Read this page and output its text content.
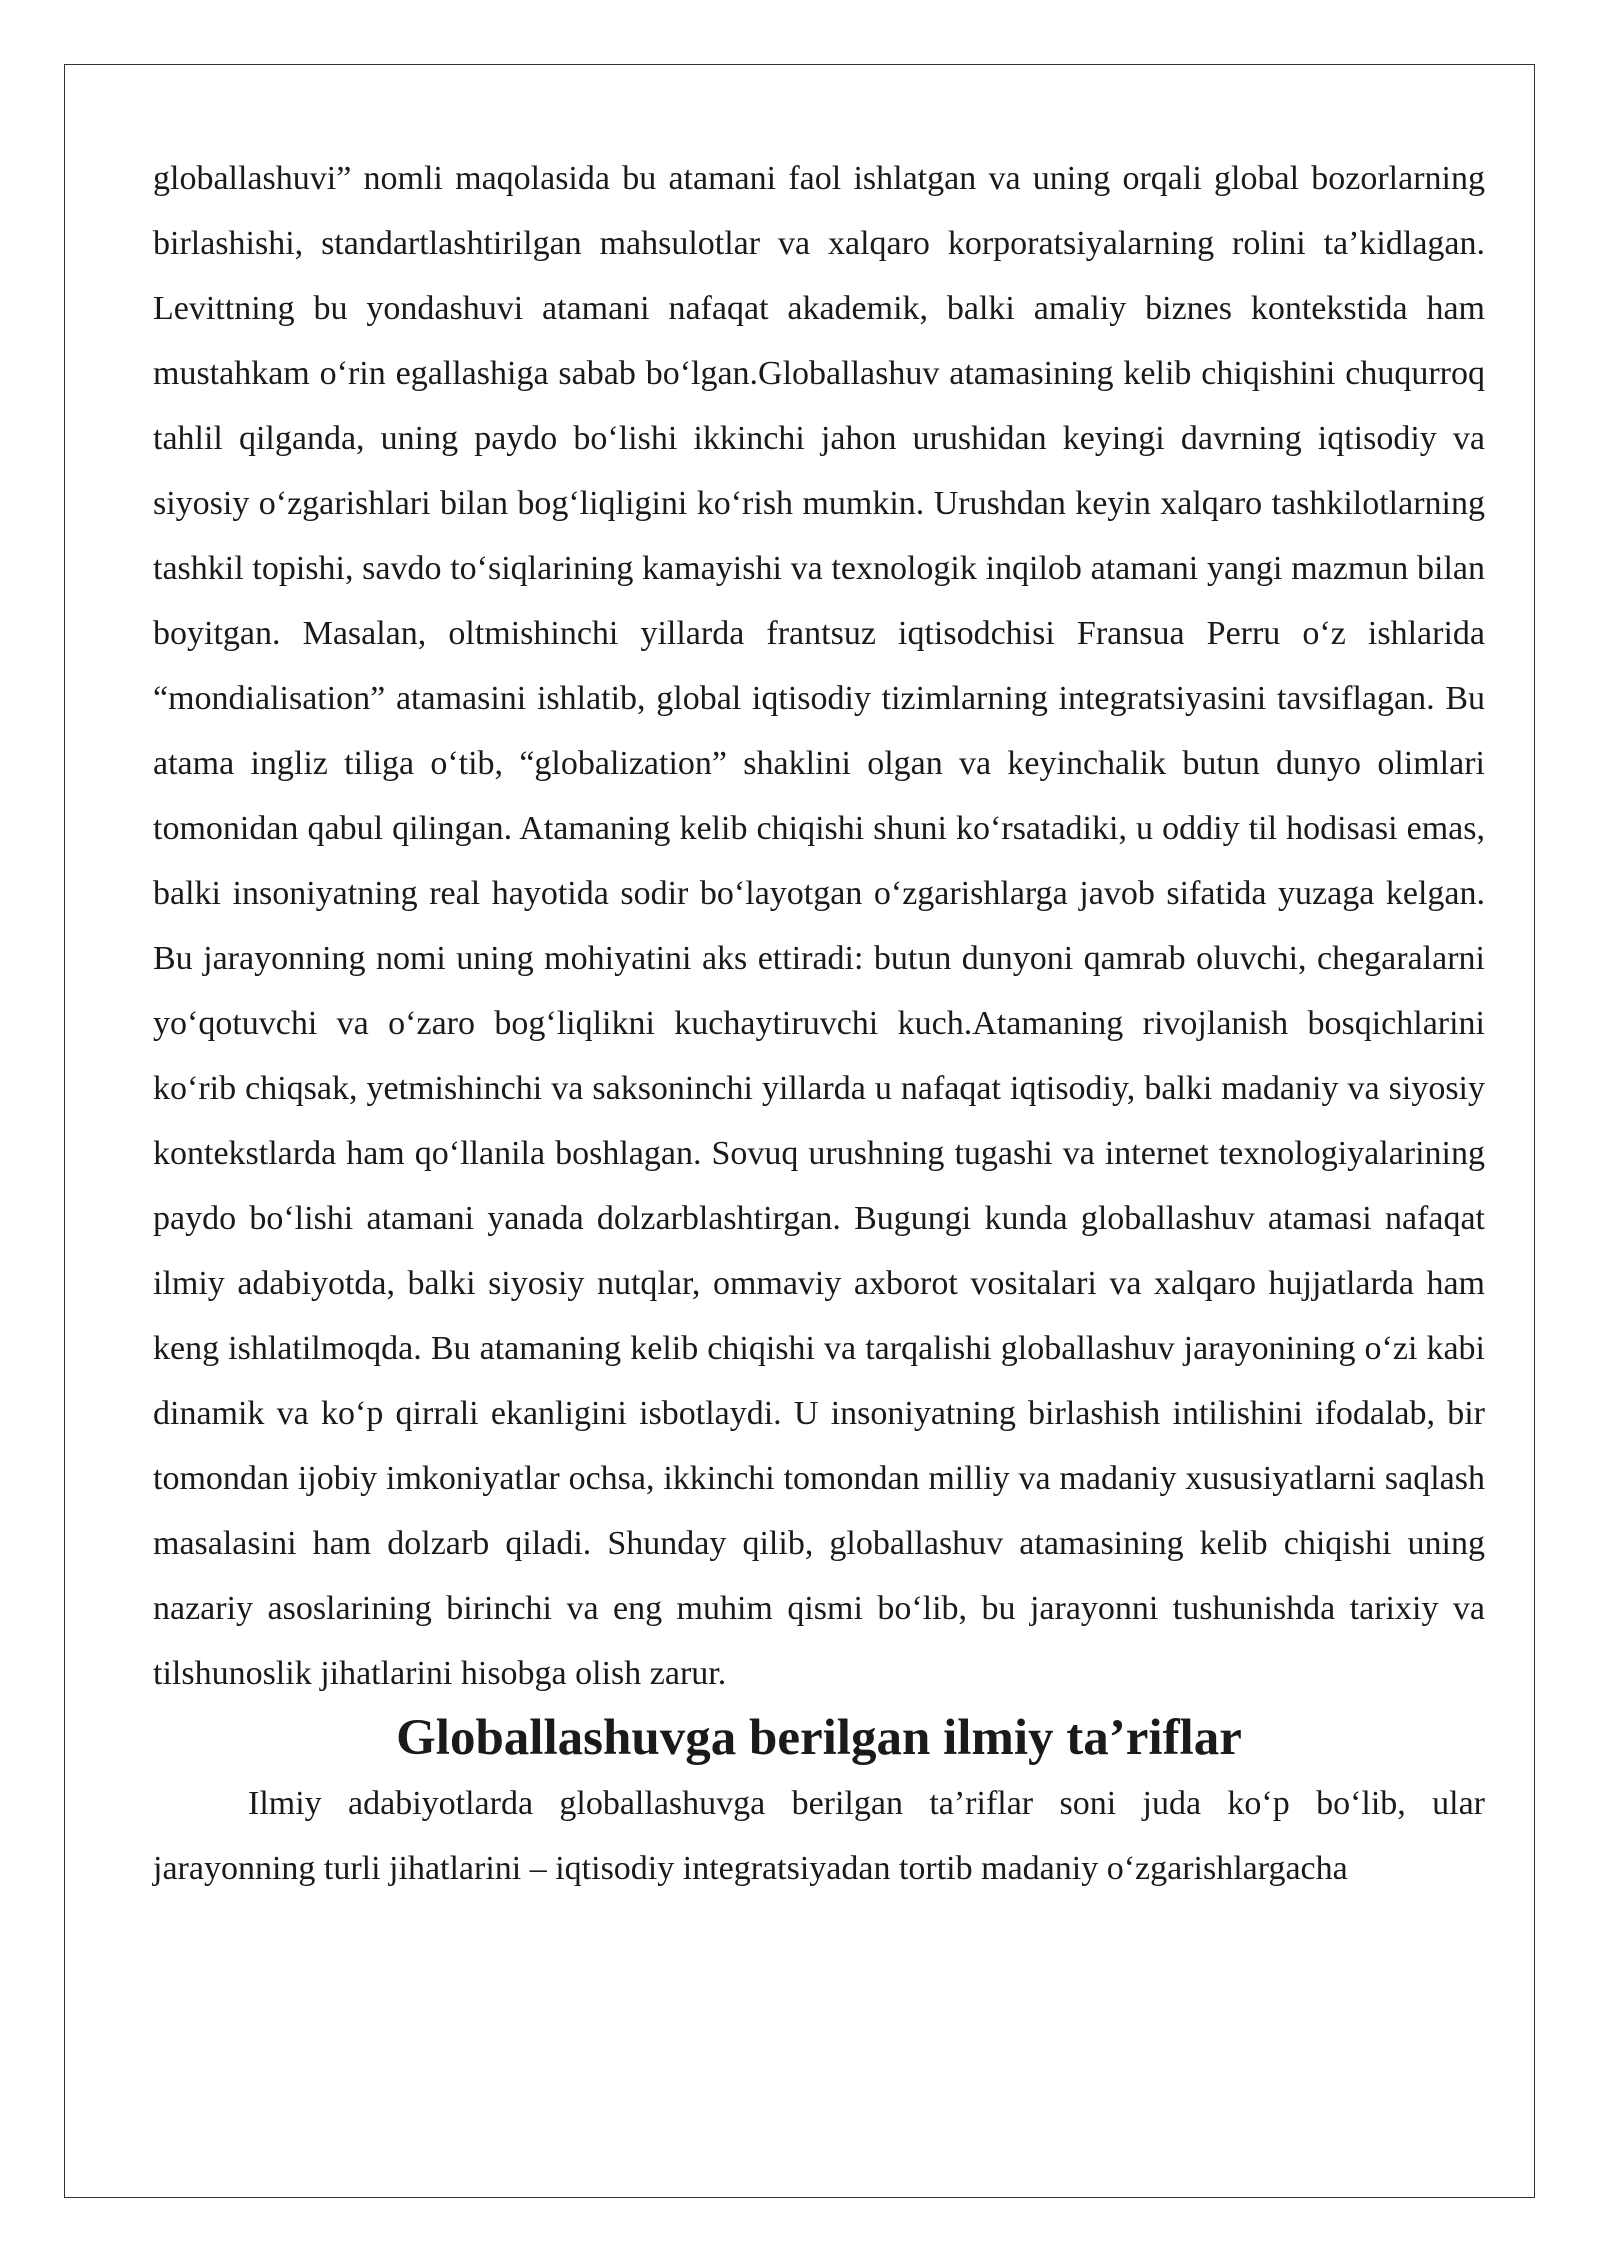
globallashuvi” nomli maqolasida bu atamani faol ishlatgan va uning orqali global bozorlarning birlashishi, standartlashtirilgan mahsulotlar va xalqaro korporatsiyalarning rolini ta’kidlagan. Levittning bu yondashuvi atamani nafaqat akademik, balki amaliy biznes kontekstida ham mustahkam o‘rin egallashiga sabab bo‘lgan.Globallashuv atamasining kelib chiqishini chuqurroq tahlil qilganda, uning paydo bo‘lishi ikkinchi jahon urushidan keyingi davrning iqtisodiy va siyosiy o‘zgarishlari bilan bog‘liqligini ko‘rish mumkin. Urushdan keyin xalqaro tashkilotlarning tashkil topishi, savdo to‘siqlarining kamayishi va texnologik inqilob atamani yangi mazmun bilan boyitgan. Masalan, oltmishinchi yillarda frantsuz iqtisodchisi Fransua Perru o‘z ishlarida “mondialisation” atamasini ishlatib, global iqtisodiy tizimlarning integratsiyasini tavsiflagan. Bu atama ingliz tiliga o‘tib, “globalization” shaklini olgan va keyinchalik butun dunyo olimlari tomonidan qabul qilingan. Atamaning kelib chiqishi shuni ko‘rsatadiki, u oddiy til hodisasi emas, balki insoniyatning real hayotida sodir bo‘layotgan o‘zgarishlarga javob sifatida yuzaga kelgan. Bu jarayonning nomi uning mohiyatini aks ettiradi: butun dunyoni qamrab oluvchi, chegaralarni yo‘qotuvchi va o‘zaro bog‘liqlikni kuchaytiruvchi kuch.Atamaning rivojlanish bosqichlarini ko‘rib chiqsak, yetmishinchi va saksoninchi yillarda u nafaqat iqtisodiy, balki madaniy va siyosiy kontekstlarda ham qo‘llanila boshlagan. Sovuq urushning tugashi va internet texnologiyalarining paydo bo‘lishi atamani yanada dolzarblashtirgan. Bugungi kunda globallashuv atamasi nafaqat ilmiy adabiyotda, balki siyosiy nutqlar, ommaviy axborot vositalari va xalqaro hujjatlarda ham keng ishlatilmoqda. Bu atamaning kelib chiqishi va tarqalishi globallashuv jarayonining o‘zi kabi dinamik va ko‘p qirrali ekanligini isbotlaydi. U insoniyatning birlashish intilishini ifodalab, bir tomondan ijobiy imkoniyatlar ochsa, ikkinchi tomondan milliy va madaniy xususiyatlarni saqlash masalasini ham dolzarb qiladi. Shunday qilib, globallashuv atamasining kelib chiqishi uning nazariy asoslarining birinchi va eng muhim qismi bo‘lib, bu jarayonni tushunishda tarixiy va tilshunoslik jihatlarini hisobga olish zarur.

Globallashuvga berilgan ilmiy ta’riflar

Ilmiy adabiyotlarda globallashuvga berilgan ta’riflar soni juda ko‘p bo‘lib, ular jarayonning turli jihatlarini – iqtisodiy integratsiyadan tortib madaniy o‘zgarishlargacha
